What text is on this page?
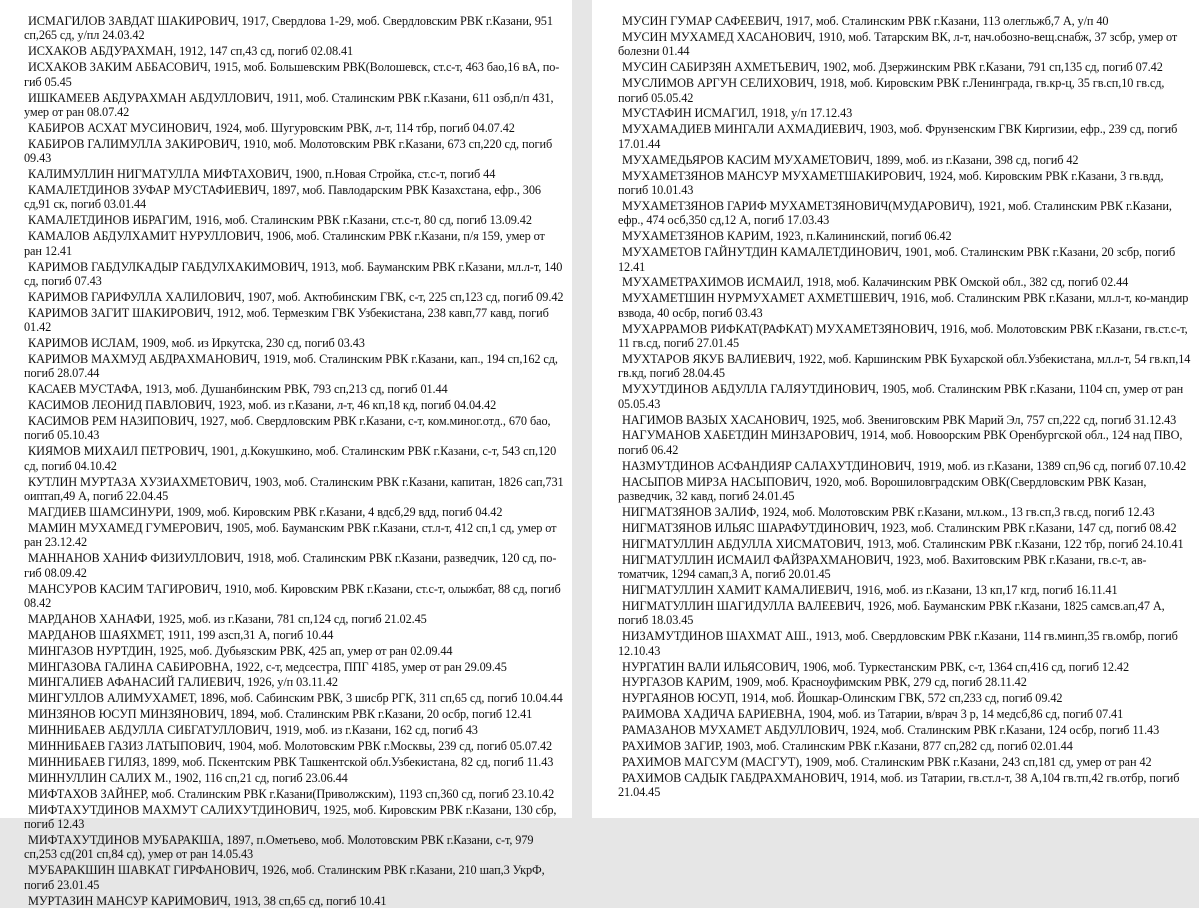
ИСМАГИЛОВ ЗАВДАТ ШАКИРОВИЧ, 1917, Свердлова 1-29, моб. Свердловским РВК г.Казани, 951 сп,265 сд, у/пл 24.03.42

ИСХАКОВ АБДУРАХМАН, 1912, 147 сп,43 сд, погиб 02.08.41

ИСХАКОВ ЗАКИМ АББАСОВИЧ, 1915, моб. Большевским РВК(Волошевск, ст.с-т, 463 бао,16 вА, по-гиб 05.45

ИШКАМЕЕВ АБДУРАХМАН АБДУЛЛОВИЧ, 1911, моб. Сталинским РВК г.Казани, 611 озб,п/п 431, умер от ран 08.07.42

КАБИРОВ АСХАТ МУСИНОВИЧ, 1924, моб. Шугуровским РВК, л-т, 114 тбр, погиб 04.07.42

КАБИРОВ ГАЛИМУЛЛА ЗАКИРОВИЧ, 1910, моб. Молотовским РВК г.Казани, 673 сп,220 сд, погиб 09.43

КАЛИМУЛЛИН НИГМАТУЛЛА МИФТАХОВИЧ, 1900, п.Новая Стройка, ст.с-т, погиб 44

КАМАЛЕТДИНОВ ЗУФАР МУСТАФИЕВИЧ, 1897, моб. Павлодарским РВК Казахстана, ефр., 306 сд,91 ск, погиб 03.01.44

КАМАЛЕТДИНОВ ИБРАГИМ, 1916, моб. Сталинским РВК г.Казани, ст.с-т, 80 сд, погиб 13.09.42

КАМАЛОВ АБДУЛХАМИТ НУРУЛЛОВИЧ, 1906, моб. Сталинским РВК г.Казани, п/я 159, умер от ран 12.41

КАРИМОВ ГАБДУЛКАДЫР ГАБДУЛХАКИМОВИЧ, 1913, моб. Бауманским РВК г.Казани, мл.л-т, 140 сд, погиб 07.43

КАРИМОВ ГАРИФУЛЛА ХАЛИЛОВИЧ, 1907, моб. Актюбинским ГВК, с-т, 225 сп,123 сд, погиб 09.42

КАРИМОВ ЗАГИТ ШАКИРОВИЧ, 1912, моб. Термезким ГВК Узбекистана, 238 кавп,77 кавд, погиб 01.42

КАРИМОВ ИСЛАМ, 1909, моб. из Иркутска, 230 сд, погиб 03.43

КАРИМОВ МАХМУД АБДРАХМАНОВИЧ, 1919, моб. Сталинским РВК г.Казани, кап., 194 сп,162 сд, погиб 28.07.44

КАСАЕВ МУСТАФА, 1913, моб. Душанбинским РВК, 793 сп,213 сд, погиб 01.44

КАСИМОВ ЛЕОНИД ПАВЛОВИЧ, 1923, моб. из г.Казани, л-т, 46 кп,18 кд, погиб 04.04.42

КАСИМОВ РЕМ НАЗИПОВИЧ, 1927, моб. Свердловским РВК г.Казани, с-т, ком.миног.отд., 670 бао, погиб 05.10.43

КИЯМОВ МИХАИЛ ПЕТРОВИЧ, 1901, д.Кокушкино, моб. Сталинским РВК г.Казани, с-т, 543 сп,120 сд, погиб 04.10.42

КУТЛИН МУРТАЗА ХУЗИАХМЕТОВИЧ, 1903, моб. Сталинским РВК г.Казани, капитан, 1826 сап,731 оиптап,49 А, погиб 22.04.45

МАГДИЕВ ШАМСИНУРИ, 1909, моб. Кировским РВК г.Казани, 4 вдсб,29 вдд, погиб 04.42

МАМИН МУХАМЕД ГУМЕРОВИЧ, 1905, моб. Бауманским РВК г.Казани, ст.л-т, 412 сп,1 сд, умер от ран 23.12.42

МАННАНОВ ХАНИФ ФИЗИУЛЛОВИЧ, 1918, моб. Сталинским РВК г.Казани, разведчик, 120 сд, по-гиб 08.09.42

МАНСУРОВ КАСИМ ТАГИРОВИЧ, 1910, моб. Кировским РВК г.Казани, ст.с-т, олыжбат, 88 сд, погиб 08.42

МАРДАНОВ ХАНАФИ, 1925, моб. из г.Казани, 781 сп,124 сд, погиб 21.02.45

МАРДАНОВ ШАЯХМЕТ, 1911, 199 азсп,31 А, погиб 10.44

МИНГАЗОВ НУРТДИН, 1925, моб. Дубьязским РВК, 425 ап, умер от ран 02.09.44

МИНГАЗОВА ГАЛИНА САБИРОВНА, 1922, с-т, медсестра, ППГ 4185, умер от ран 29.09.45

МИНГАЛИЕВ АФАНАСИЙ ГАЛИЕВИЧ, 1926, у/п 03.11.42

МИНГУЛЛОВ АЛИМУХАМЕТ, 1896, моб. Сабинским РВК, 3 шисбр РГК, 311 сп,65 сд, погиб 10.04.44

МИНЗЯНОВ ЮСУП МИНЗЯНОВИЧ, 1894, моб. Сталинским РВК г.Казани, 20 осбр, погиб 12.41

МИННИБАЕВ АБДУЛЛА СИБГАТУЛЛОВИЧ, 1919, моб. из г.Казани, 162 сд, погиб 43

МИННИБАЕВ ГАЗИЗ ЛАТЫПОВИЧ, 1904, моб. Молотовским РВК г.Москвы, 239 сд, погиб 05.07.42

МИННИБАЕВ ГИЛЯЗ, 1899, моб. Пскентским РВК Ташкентской обл.Узбекистана, 82 сд, погиб 11.43

МИННУЛЛИН САЛИХ М., 1902, 116 сп,21 сд, погиб 23.06.44

МИФТАХОВ ЗАЙНЕР, моб. Сталинским РВК г.Казани(Приволжским), 1193 сп,360 сд, погиб 23.10.42

МИФТАХУТДИНОВ МАХМУТ САЛИХУТДИНОВИЧ, 1925, моб. Кировским РВК г.Казани, 130 сбр, погиб 12.43

МИФТАХУТДИНОВ МУБАРАКША, 1897, п.Ометьево, моб. Молотовским РВК г.Казани, с-т, 979 сп,253 сд(201 сп,84 сд), умер от ран 14.05.43

МУБАРАКШИН ШАВКАТ ГИРФАНОВИЧ, 1926, моб. Сталинским РВК г.Казани, 210 шап,3 УкрФ, погиб 23.01.45

МУРТАЗИН МАНСУР КАРИМОВИЧ, 1913, 38 сп,65 сд, погиб 10.41

МУСИН ГУМАР САФЕЕВИЧ, 1917, моб. Сталинским РВК г.Казани, 113 олегльжб,7 А, у/п 40

МУСИН МУХАМЕД ХАСАНОВИЧ, 1910, моб. Татарским ВК, л-т, нач.обозно-вещ.снабж, 37 зсбр, умер от болезни 01.44

МУСИН САБИРЗЯН АХМЕТЬЕВИЧ, 1902, моб. Дзержинским РВК г.Казани, 791 сп,135 сд, погиб 07.42

МУСЛИМОВ АРГУН СЕЛИХОВИЧ, 1918, моб. Кировским РВК г.Ленинграда, гв.кр-ц, 35 гв.сп,10 гв.сд, погиб 05.05.42

МУСТАФИН ИСМАГИЛ, 1918, у/п 17.12.43

МУХАМАДИЕВ МИНГАЛИ АХМАДИЕВИЧ, 1903, моб. Фрунзенским ГВК Киргизии, ефр., 239 сд, погиб 17.01.44

МУХАМЕДЬЯРОВ КАСИМ МУХАМЕТОВИЧ, 1899, моб. из г.Казани, 398 сд, погиб 42

МУХАМЕТЗЯНОВ МАНСУР МУХАМЕТШАКИРОВИЧ, 1924, моб. Кировским РВК г.Казани, 3 гв.вдд, погиб 10.01.43

МУХАМЕТЗЯНОВ ГАРИФ МУХАМЕТЗЯНОВИЧ(МУДАРОВИЧ), 1921, моб. Сталинским РВК г.Казани, ефр., 474 осб,350 сд,12 А, погиб 17.03.43

МУХАМЕТЗЯНОВ КАРИМ, 1923, п.Калининский, погиб 06.42

МУХАМЕТОВ ГАЙНУТДИН КАМАЛЕТДИНОВИЧ, 1901, моб. Сталинским РВК г.Казани, 20 зсбр, погиб 12.41

МУХАМЕТРАХИМОВ ИСМАИЛ, 1918, моб. Калачинским РВК Омской обл., 382 сд, погиб 02.44

МУХАМЕТШИН НУРМУХАМЕТ АХМЕТШЕВИЧ, 1916, моб. Сталинским РВК г.Казани, мл.л-т, ко-мандир взвода, 40 осбр, погиб 03.43

МУХАРРАМОВ РИФКАТ(РАФКАТ) МУХАМЕТЗЯНОВИЧ, 1916, моб. Молотовским РВК г.Казани, гв.ст.с-т, 11 гв.сд, погиб 27.01.45

МУХТАРОВ ЯКУБ ВАЛИЕВИЧ, 1922, моб. Каршинским РВК Бухарской обл.Узбекистана, мл.л-т, 54 гв.кп,14 гв.кд, погиб 28.04.45

МУХУТДИНОВ АБДУЛЛА ГАЛЯУТДИНОВИЧ, 1905, моб. Сталинским РВК г.Казани, 1104 сп, умер от ран 05.05.43

НАГИМОВ ВАЗЫХ ХАСАНОВИЧ, 1925, моб. Звениговским РВК Марий Эл, 757 сп,222 сд, погиб 31.12.43

НАГУМАНОВ ХАБЕТДИН МИНЗАРОВИЧ, 1914, моб. Новоорским РВК Оренбургской обл., 124 над ПВО, погиб 06.42

НАЗМУТДИНОВ АСФАНДИЯР САЛАХУТДИНОВИЧ, 1919, моб. из г.Казани, 1389 сп,96 сд, погиб 07.10.42

НАСЫПОВ МИРЗА НАСЫПОВИЧ, 1920, моб. Ворошиловградским ОВК(Свердловским РВК Казан, разведчик, 32 кавд, погиб 24.01.45

НИГМАТЗЯНОВ ЗАЛИФ, 1924, моб. Молотовским РВК г.Казани, мл.ком., 13 гв.сп,3 гв.сд, погиб 12.43

НИГМАТЗЯНОВ ИЛЬЯС ШАРАФУТДИНОВИЧ, 1923, моб. Сталинским РВК г.Казани, 147 сд, погиб 08.42

НИГМАТУЛЛИН АБДУЛЛА ХИСМАТОВИЧ, 1913, моб. Сталинским РВК г.Казани, 122 тбр, погиб 24.10.41

НИГМАТУЛЛИН ИСМАИЛ ФАЙЗРАХМАНОВИЧ, 1923, моб. Вахитовским РВК г.Казани, гв.с-т, ав-томатчик, 1294 самап,3 А, погиб 20.01.45

НИГМАТУЛЛИН ХАМИТ КАМАЛИЕВИЧ, 1916, моб. из г.Казани, 13 кп,17 кгд, погиб 16.11.41

НИГМАТУЛЛИН ШАГИДУЛЛА ВАЛЕЕВИЧ, 1926, моб. Бауманским РВК г.Казани, 1825 самсв.ап,47 А, погиб 18.03.45

НИЗАМУТДИНОВ ШАХМАТ АШ., 1913, моб. Свердловским РВК г.Казани, 114 гв.минп,35 гв.омбр, погиб 12.10.43

НУРГАТИН ВАЛИ ИЛЬЯСОВИЧ, 1906, моб. Туркестанским РВК, с-т, 1364 сп,416 сд, погиб 12.42

НУРГАЗОВ КАРИМ, 1909, моб. Красноуфимским РВК, 279 сд, погиб 28.11.42

НУРГАЯНОВ ЮСУП, 1914, моб. Йошкар-Олинским ГВК, 572 сп,233 сд, погиб 09.42

РАИМОВА ХАДИЧА БАРИЕВНА, 1904, моб. из Татарии, в/врач 3 р, 14 медсб,86 сд, погиб 07.41

РАМАЗАНОВ МУХАМЕТ АБДУЛЛОВИЧ, 1924, моб. Сталинским РВК г.Казани, 124 осбр, погиб 11.43

РАХИМОВ ЗАГИР, 1903, моб. Сталинским РВК г.Казани, 877 сп,282 сд, погиб 02.01.44

РАХИМОВ МАГСУМ (МАСГУТ), 1909, моб. Сталинским РВК г.Казани, 243 сп,181 сд, умер от ран 42

РАХИМОВ САДЫК ГАБДРАХМАНОВИЧ, 1914, моб. из Татарии, гв.ст.л-т, 38 А,104 гв.тп,42 гв.отбр, погиб 21.04.45
